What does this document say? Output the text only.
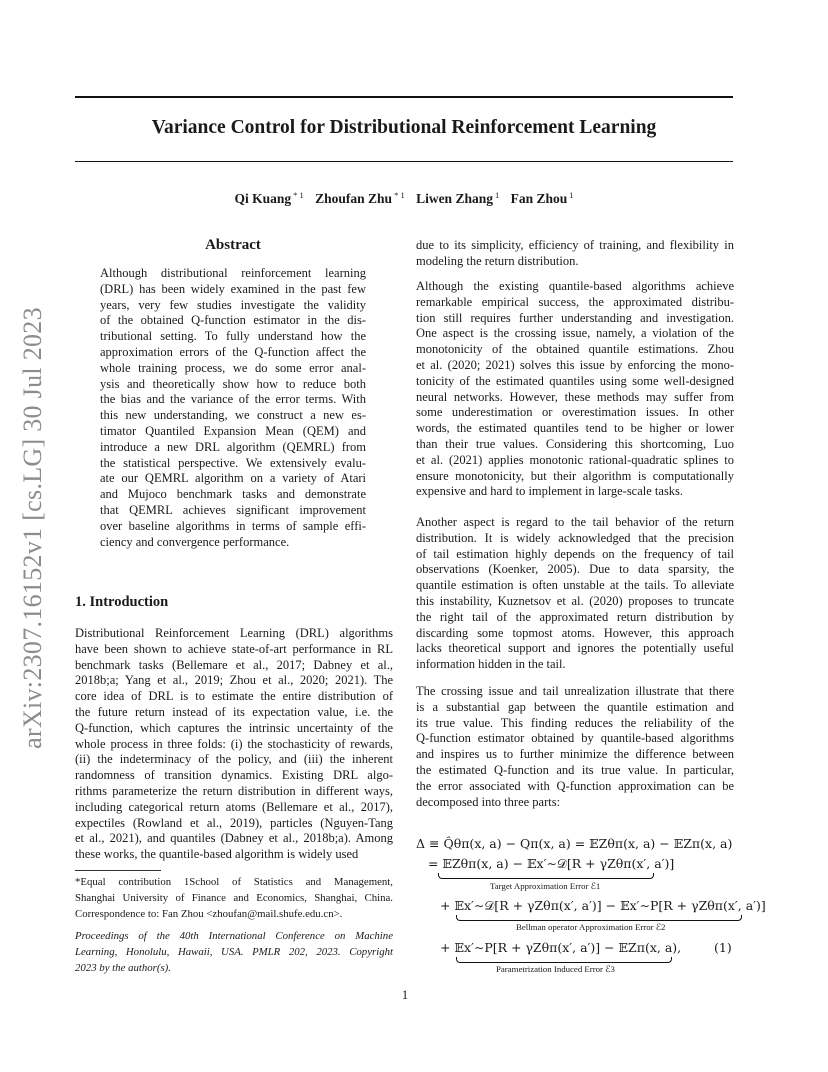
Variance Control for Distributional Reinforcement Learning
Qi Kuang $^{* 1}$ Zhoufan Zhu $^{* 1}$ Liwen Zhang $^1$ Fan Zhou $^1$
arXiv:2307.16152v1 [cs.LG] 30 Jul 2023
Abstract
Although distributional reinforcement learning
(DRL) has been widely examined in the past few
years, very few studies investigate the validity
of the obtained Q-function estimator in the dis-
tributional setting. To fully understand how the
approximation errors of the Q-function affect the
whole training process, we do some error anal-
ysis and theoretically show how to reduce both
the bias and the variance of the error terms. With
this new understanding, we construct a new es-
timator Quantiled Expansion Mean (QEM) and
introduce a new DRL algorithm (QEMRL) from
the statistical perspective. We extensively evalu-
ate our QEMRL algorithm on a variety of Atari
and Mujoco benchmark tasks and demonstrate
that QEMRL achieves significant improvement
over baseline algorithms in terms of sample effi-
ciency and convergence performance.
1. Introduction
Distributional Reinforcement Learning (DRL) algorithms
have been shown to achieve state-of-art performance in RL
benchmark tasks (Bellemare et al., 2017; Dabney et al.,
2018b;a; Yang et al., 2019; Zhou et al., 2020; 2021). The
core idea of DRL is to estimate the entire distribution of
the future return instead of its expectation value, i.e. the
Q-function, which captures the intrinsic uncertainty of the
whole process in three folds: (i) the stochasticity of rewards,
(ii) the indeterminacy of the policy, and (iii) the inherent
randomness of transition dynamics. Existing DRL algo-
rithms parameterize the return distribution in different ways,
including categorical return atoms (Bellemare et al., 2017),
expectiles (Rowland et al., 2019), particles (Nguyen-Tang
et al., 2021), and quantiles (Dabney et al., 2018b;a). Among
these works, the quantile-based algorithm is widely used
*Equal contribution 1School of Statistics and Management,
Shanghai University of Finance and Economics, Shanghai, China.
Correspondence to: Fan Zhou <zhoufan@mail.shufe.edu.cn>.
Proceedings of the 40th International Conference on Machine
Learning, Honolulu, Hawaii, USA. PMLR 202, 2023. Copyright
2023 by the author(s).
due to its simplicity, efficiency of training, and flexibility in
modeling the return distribution.
Although the existing quantile-based algorithms achieve
remarkable empirical success, the approximated distribu-
tion still requires further understanding and investigation.
One aspect is the crossing issue, namely, a violation of the
monotonicity of the obtained quantile estimations. Zhou
et al. (2020; 2021) solves this issue by enforcing the mono-
tonicity of the estimated quantiles using some well-designed
neural networks. However, these methods may suffer from
some underestimation or overestimation issues. In other
words, the estimated quantiles tend to be higher or lower
than their true values. Considering this shortcoming, Luo
et al. (2021) applies monotonic rational-quadratic splines to
ensure monotonicity, but their algorithm is computationally
expensive and hard to implement in large-scale tasks.
Another aspect is regard to the tail behavior of the return
distribution. It is widely acknowledged that the precision
of tail estimation highly depends on the frequency of tail
observations (Koenker, 2005). Due to data sparsity, the
quantile estimation is often unstable at the tails. To alleviate
this instability, Kuznetsov et al. (2020) proposes to truncate
the right tail of the approximated return distribution by
discarding some topmost atoms. However, this approach
lacks theoretical support and ignores the potentially useful
information hidden in the tail.
The crossing issue and tail unrealization illustrate that there
is a substantial gap between the quantile estimation and
its true value. This finding reduces the reliability of the
Q-function estimator obtained by quantile-based algorithms
and inspires us to further minimize the difference between
the estimated Q-function and its true value. In particular,
the error associated with Q-function approximation can be
decomposed into three parts:
Δ ≡ Q̂θπ(x, a) − Qπ(x, a) = 𝔼Zθπ(x, a) − 𝔼Zπ(x, a)
= 𝔼Zθπ(x, a) − 𝔼x′∼𝒟[R + γZθπ(x′, a′)]
Target Approximation Error ℰ1
+ 𝔼x′∼𝒟[R + γZθπ(x′, a′)] − 𝔼x′∼P[R + γZθπ(x′, a′)]
Bellman operator Approximation Error ℰ2
+ 𝔼x′∼P[R + γZθπ(x′, a′)] − 𝔼Zπ(x, a),	(1)
Parametrization Induced Error ℰ3
1
